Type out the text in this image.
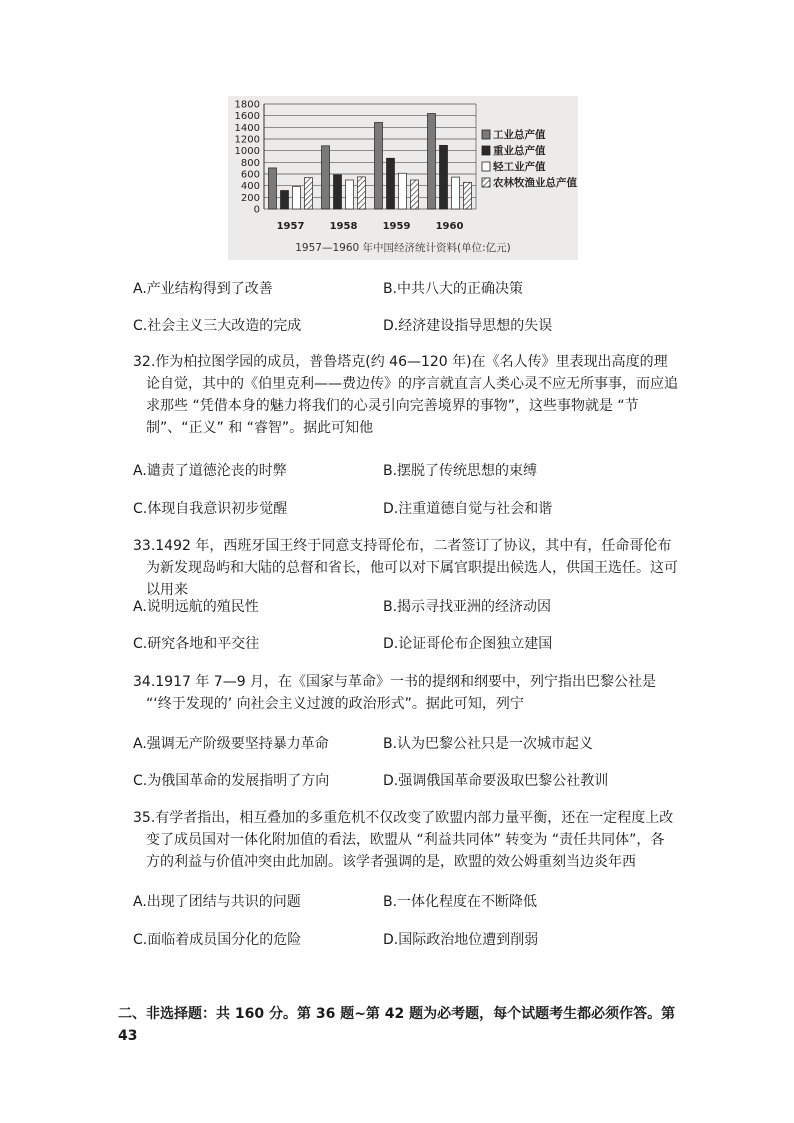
0
200
400
600
800
1000
1200
1400
1600
1800
1957	1958	1959	1960
工业总产值
重业总产值
轻工业产值
农林牧渔业总产值
1957—1960 年中国经济统计资料(单位:亿元)
A.产业结构得到了改善	B.中共八大的正确决策
C.社会主义三大改造的完成	D.经济建设指导思想的失误
32.作为柏拉图学园的成员，普鲁塔克(约 46—120 年)在《名人传》里表现出高度的理论自觉，其中的《伯里克利——费边传》的序言就直言人类心灵不应无所事事，而应追求那些 “凭借本身的魅力将我们的心灵引向完善境界的事物”，这些事物就是 “节制”、“正义” 和 “睿智”。据此可知他
A.谴责了道德沦丧的时弊	B.摆脱了传统思想的束缚
C.体现自我意识初步觉醒	D.注重道德自觉与社会和谐
33.1492 年，西班牙国王终于同意支持哥伦布，二者签订了协议，其中有，任命哥伦布为新发现岛屿和大陆的总督和省长，他可以对下属官职提出候选人，供国王选任。这可以用来
A.说明远航的殖民性	B.揭示寻找亚洲的经济动因
C.研究各地和平交往	D.论证哥伦布企图独立建国
34.1917 年 7—9 月，在《国家与革命》一书的提纲和纲要中，列宁指出巴黎公社是 “‘终于发现的’ 向社会主义过渡的政治形式”。据此可知，列宁
A.强调无产阶级要坚持暴力革命	B.认为巴黎公社只是一次城市起义
C.为俄国革命的发展指明了方向	D.强调俄国革命要汲取巴黎公社教训
35.有学者指出，相互叠加的多重危机不仅改变了欧盟内部力量平衡，还在一定程度上改变了成员国对一体化附加值的看法，欧盟从 “利益共同体” 转变为 “责任共同体”，各方的利益与价值冲突由此加剧。该学者强调的是，欧盟的效公姆重刻当边炎年西
A.出现了团结与共识的问题	B.一体化程度在不断降低
C.面临着成员国分化的危险	D.国际政治地位遭到削弱
二、非选择题：共 160 分。第 36 题~第 42 题为必考题，每个试题考生都必须作答。第 43
